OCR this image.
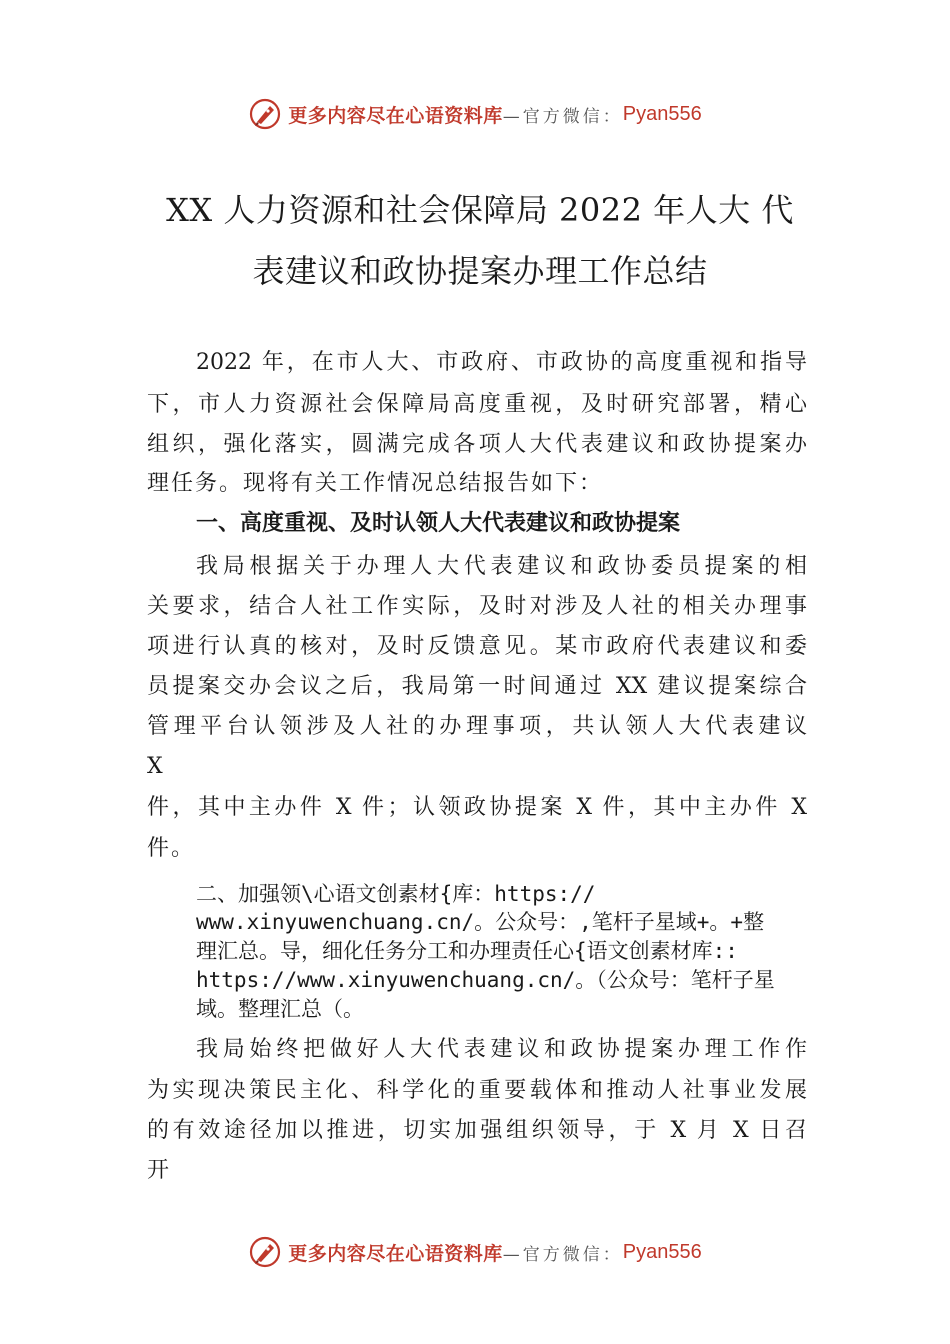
更多内容尽在心语资料库 —官方微信： Pyan556
XX 人力资源和社会保障局 2022 年人大 代
表建议和政协提案办理工作总结
2022 年，在市人大、市政府、市政协的高度重视和指导
下，市人力资源社会保障局高度重视，及时研究部署，精心
组织，强化落实，圆满完成各项人大代表建议和政协提案办
理任务。现将有关工作情况总结报告如下：
一、高度重视、及时认领人大代表建议和政协提案
我局根据关于办理人大代表建议和政协委员提案的相
关要求，结合人社工作实际，及时对涉及人社的相关办理事
项进行认真的核对，及时反馈意见。某市政府代表建议和委
员提案交办会议之后，我局第一时间通过 XX 建议提案综合
管理平台认领涉及人社的办理事项，共认领人大代表建议
X
件，其中主办件 X 件；认领政协提案 X 件，其中主办件 X
件。
二、加强领\心语文创素材{库：https://
www.xinyuwenchuang.cn/。公众号：,笔杆子星域+。+整
理汇总。导，细化任务分工和办理责任心{语文创素材库::
https://www.xinyuwenchuang.cn/。（公众号：笔杆子星
域。整理汇总（。
我局始终把做好人大代表建议和政协提案办理工作作
为实现决策民主化、科学化的重要载体和推动人社事业发展
的有效途径加以推进，切实加强组织领导，于 X 月 X 日召
开
更多内容尽在心语资料库 —官方微信： Pyan556
